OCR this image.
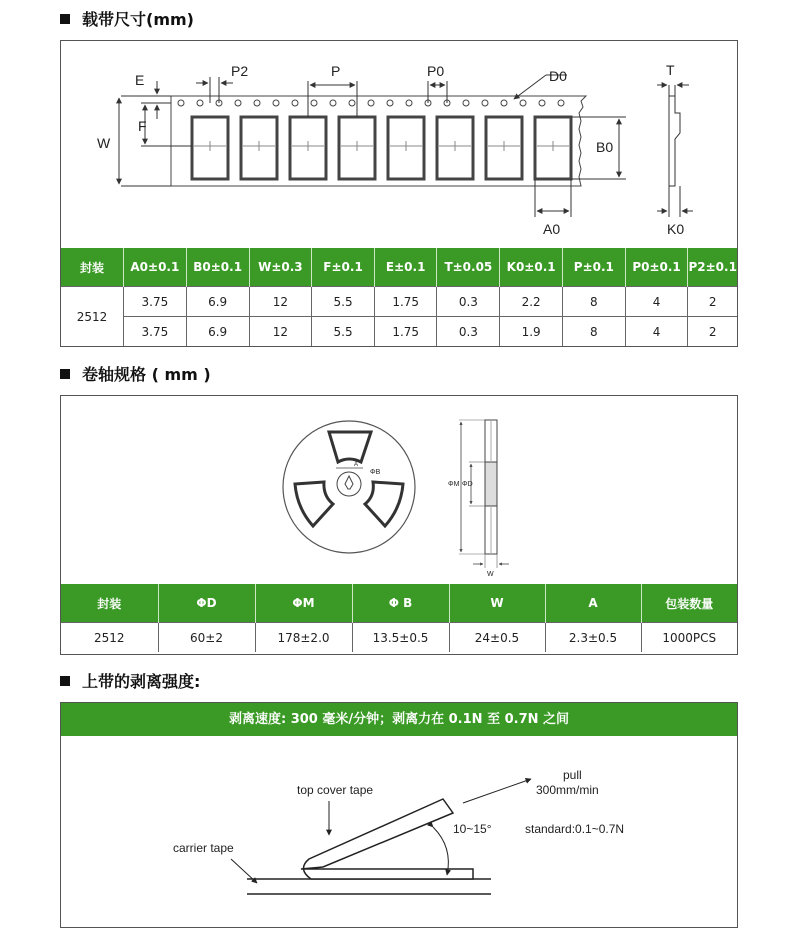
载带尺寸(mm)
W
E
F
P2	P	P0	D0
B0
A0
T
K0
封装	A0±0.1	B0±0.1	W±0.3	F±0.1	E±0.1	T±0.05	K0±0.1	P±0.1	P0±0.1	P2±0.1
2512	3.75	6.9	12	5.5	1.75	0.3	2.2	8	4	2
	3.75	6.9	12	5.5	1.75	0.3	1.9	8	4	2
卷轴规格 ( mm )
A
ΦB
ΦM ΦD
W
封装	ΦD	ΦM	Φ B	W	A	包装数量
2512	60±2	178±2.0	13.5±0.5	24±0.5	2.3±0.5	1000PCS
上带的剥离强度:
剥离速度: 300 毫米/分钟；剥离力在 0.1N 至 0.7N 之间
pull
300mm/min
top cover tape
10~15°	standard:0.1~0.7N
carrier tape
